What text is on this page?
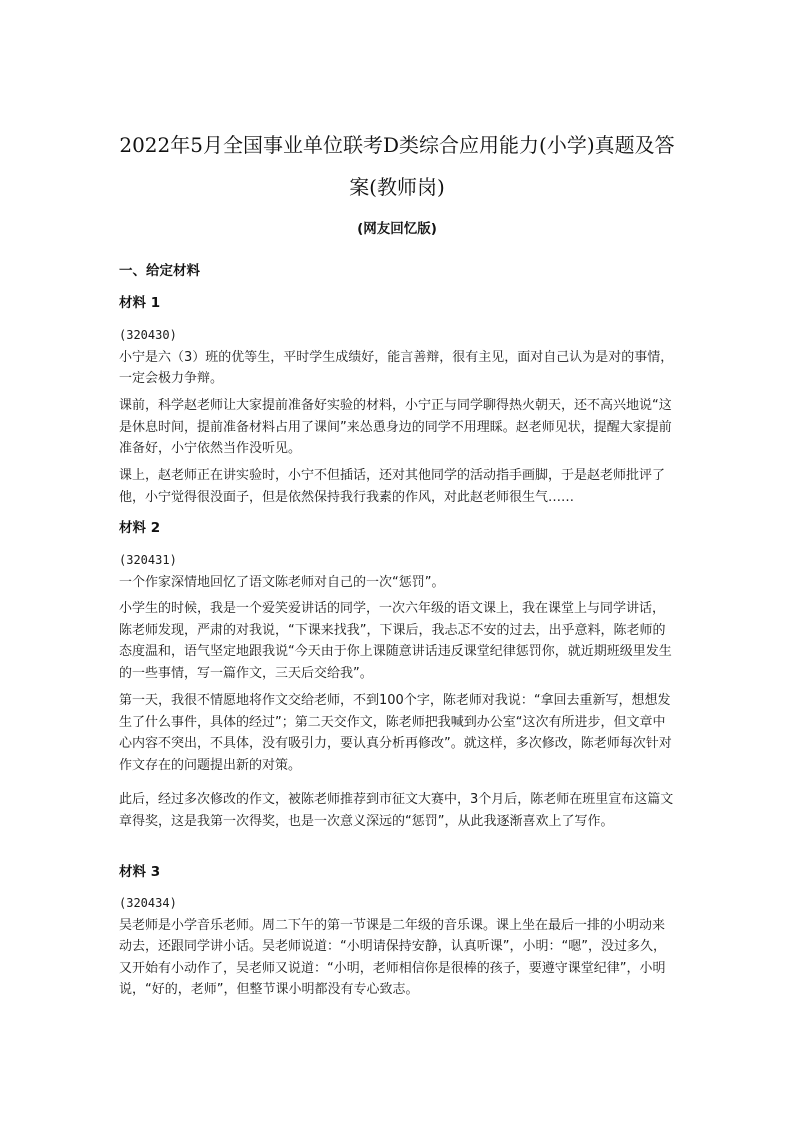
2022年5月全国事业单位联考D类综合应用能力(小学)真题及答案(教师岗)

(网友回忆版)

一、给定材料

材料 1

(320430)
小宁是六（3）班的优等生，平时学生成绩好，能言善辩，很有主见，面对自己认为是对的事情，一定会极力争辩。
课前，科学赵老师让大家提前准备好实验的材料，小宁正与同学聊得热火朝天，还不高兴地说“这是休息时间，提前准备材料占用了课间”来怂恿身边的同学不用理睬。赵老师见状，提醒大家提前准备好，小宁依然当作没听见。
课上，赵老师正在讲实验时，小宁不但插话，还对其他同学的活动指手画脚，于是赵老师批评了他，小宁觉得很没面子，但是依然保持我行我素的作风，对此赵老师很生气……

材料 2

(320431)
一个作家深情地回忆了语文陈老师对自己的一次“惩罚”。
小学生的时候，我是一个爱笑爱讲话的同学，一次六年级的语文课上，我在课堂上与同学讲话，陈老师发现，严肃的对我说，“下课来找我”，下课后，我忐忑不安的过去，出乎意料，陈老师的态度温和，语气坚定地跟我说“今天由于你上课随意讲话违反课堂纪律惩罚你，就近期班级里发生的一些事情，写一篇作文，三天后交给我”。
第一天，我很不情愿地将作文交给老师，不到100个字，陈老师对我说：“拿回去重新写，想想发生了什么事件，具体的经过”；第二天交作文，陈老师把我喊到办公室“这次有所进步，但文章中心内容不突出，不具体，没有吸引力，要认真分析再修改”。就这样，多次修改，陈老师每次针对作文存在的问题提出新的对策。
此后，经过多次修改的作文，被陈老师推荐到市征文大赛中，3个月后，陈老师在班里宣布这篇文章得奖，这是我第一次得奖，也是一次意义深远的“惩罚”，从此我逐渐喜欢上了写作。

材料 3

(320434)
吴老师是小学音乐老师。周二下午的第一节课是二年级的音乐课。课上坐在最后一排的小明动来动去，还跟同学讲小话。吴老师说道：“小明请保持安静，认真听课”，小明：“嗯”，没过多久，又开始有小动作了，吴老师又说道：“小明，老师相信你是很棒的孩子，要遵守课堂纪律”，小明说，“好的，老师”，但整节课小明都没有专心致志。
